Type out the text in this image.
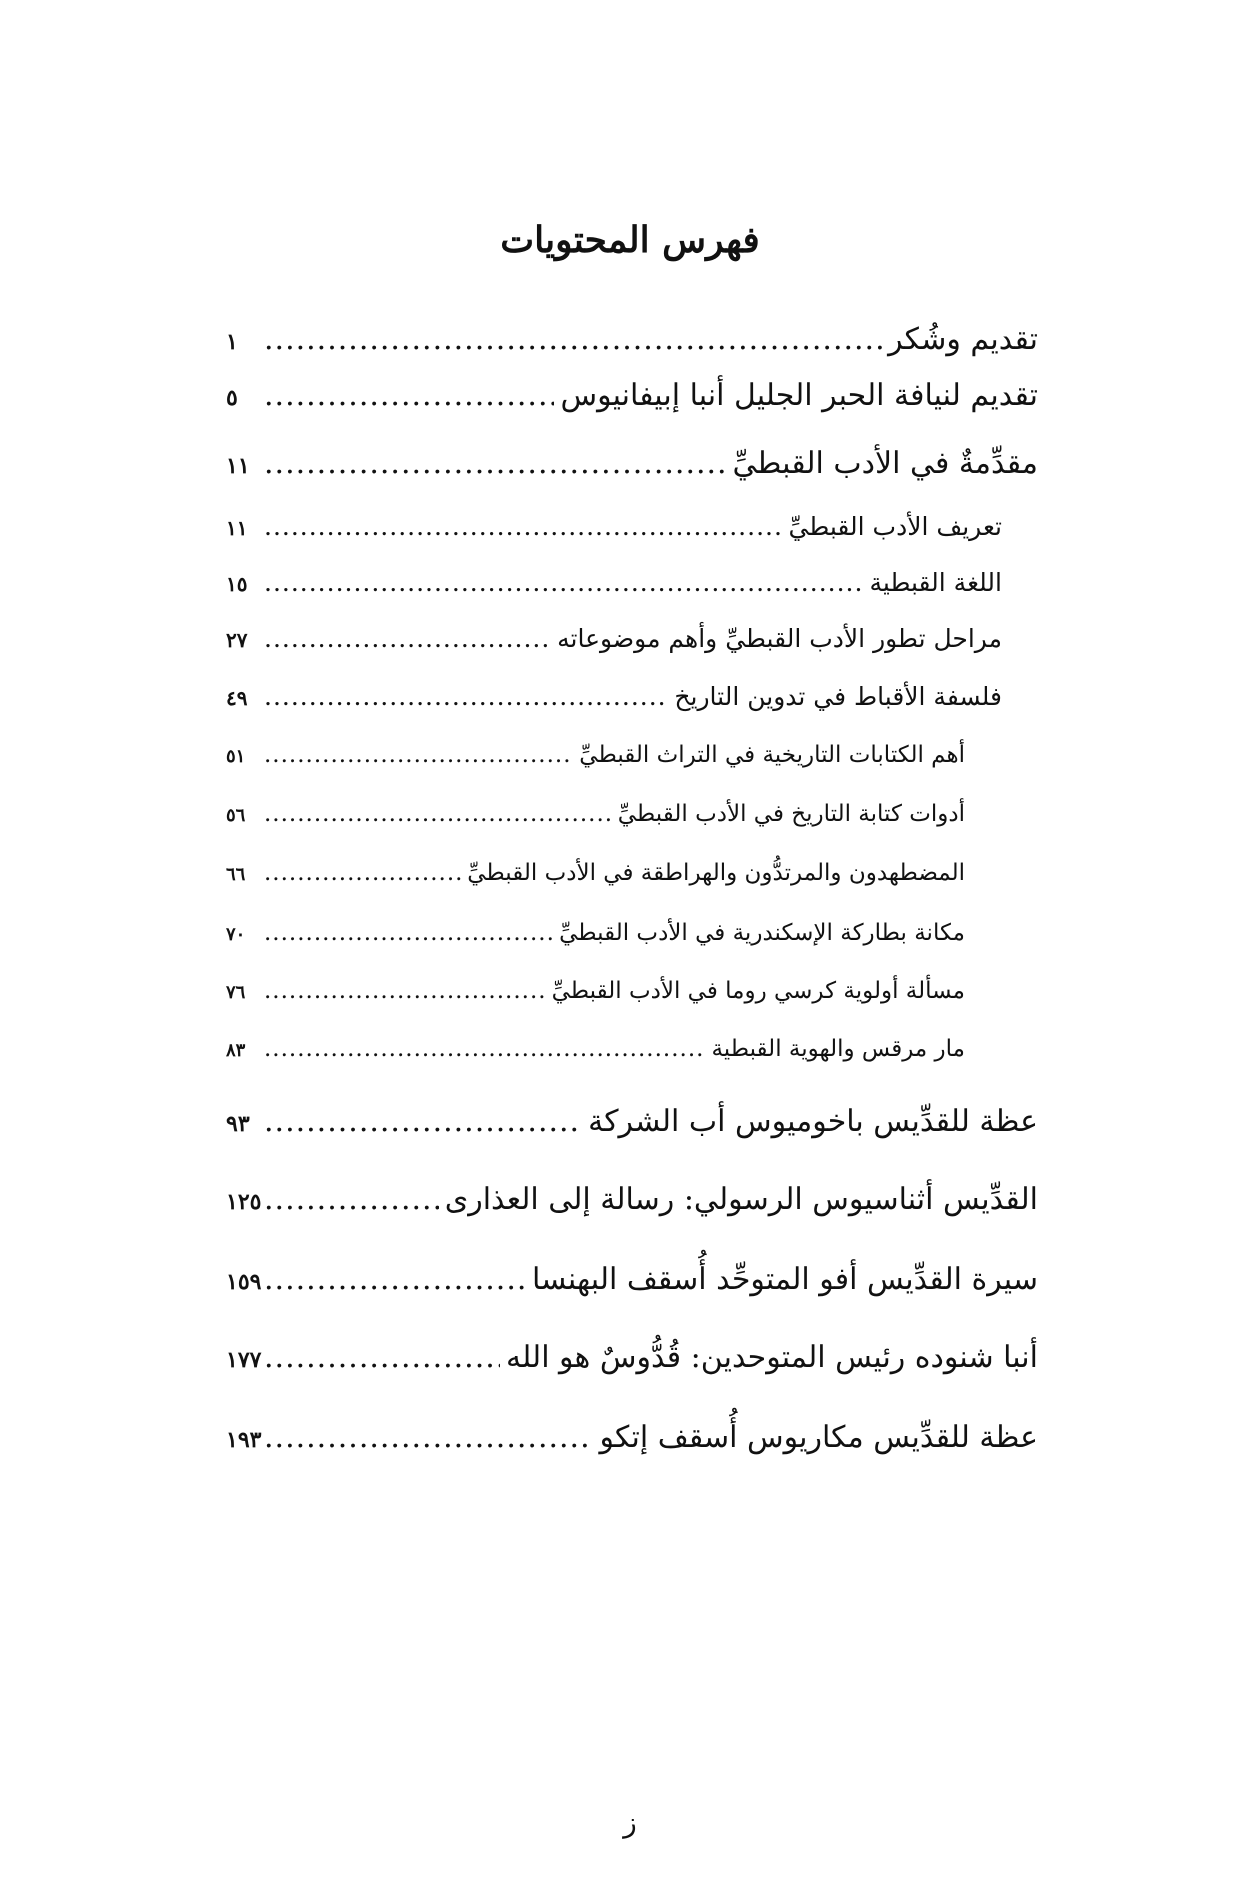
فهرس المحتويات
تقديم وشُكر
.....
١
تقديم لنيافة الحبر الجليل أنبا إبيفانيوس
.....
٥
مقدِّمةٌ في الأدب القبطيِّ
.....
١١
تعريف الأدب القبطيِّ
.....
١١
اللغة القبطية
.....
١٥
مراحل تطور الأدب القبطيِّ وأهم موضوعاته
.....
٢٧
فلسفة الأقباط في تدوين التاريخ
.....
٤٩
أهم الكتابات التاريخية في التراث القبطيِّ
.....
٥١
أدوات كتابة التاريخ في الأدب القبطيِّ
.....
٥٦
المضطهدون والمرتدُّون والهراطقة في الأدب القبطيِّ
.....
٦٦
مكانة بطاركة الإسكندرية في الأدب القبطيِّ
.....
٧٠
مسألة أولوية كرسي روما في الأدب القبطيِّ
.....
٧٦
مار مرقس والهوية القبطية
.....
٨٣
عظة للقدِّيس باخوميوس أب الشركة
.....
٩٣
القدِّيس أثناسيوس الرسولي: رسالة إلى العذارى
.....
١٢٥
سيرة القدِّيس أفو المتوحِّد أُسقف البهنسا
.....
١٥٩
أنبا شنوده رئيس المتوحدين: قُدُّوسٌ هو الله
.....
١٧٧
عظة للقدِّيس مكاريوس أُسقف إتكو
.....
١٩٣
ز
